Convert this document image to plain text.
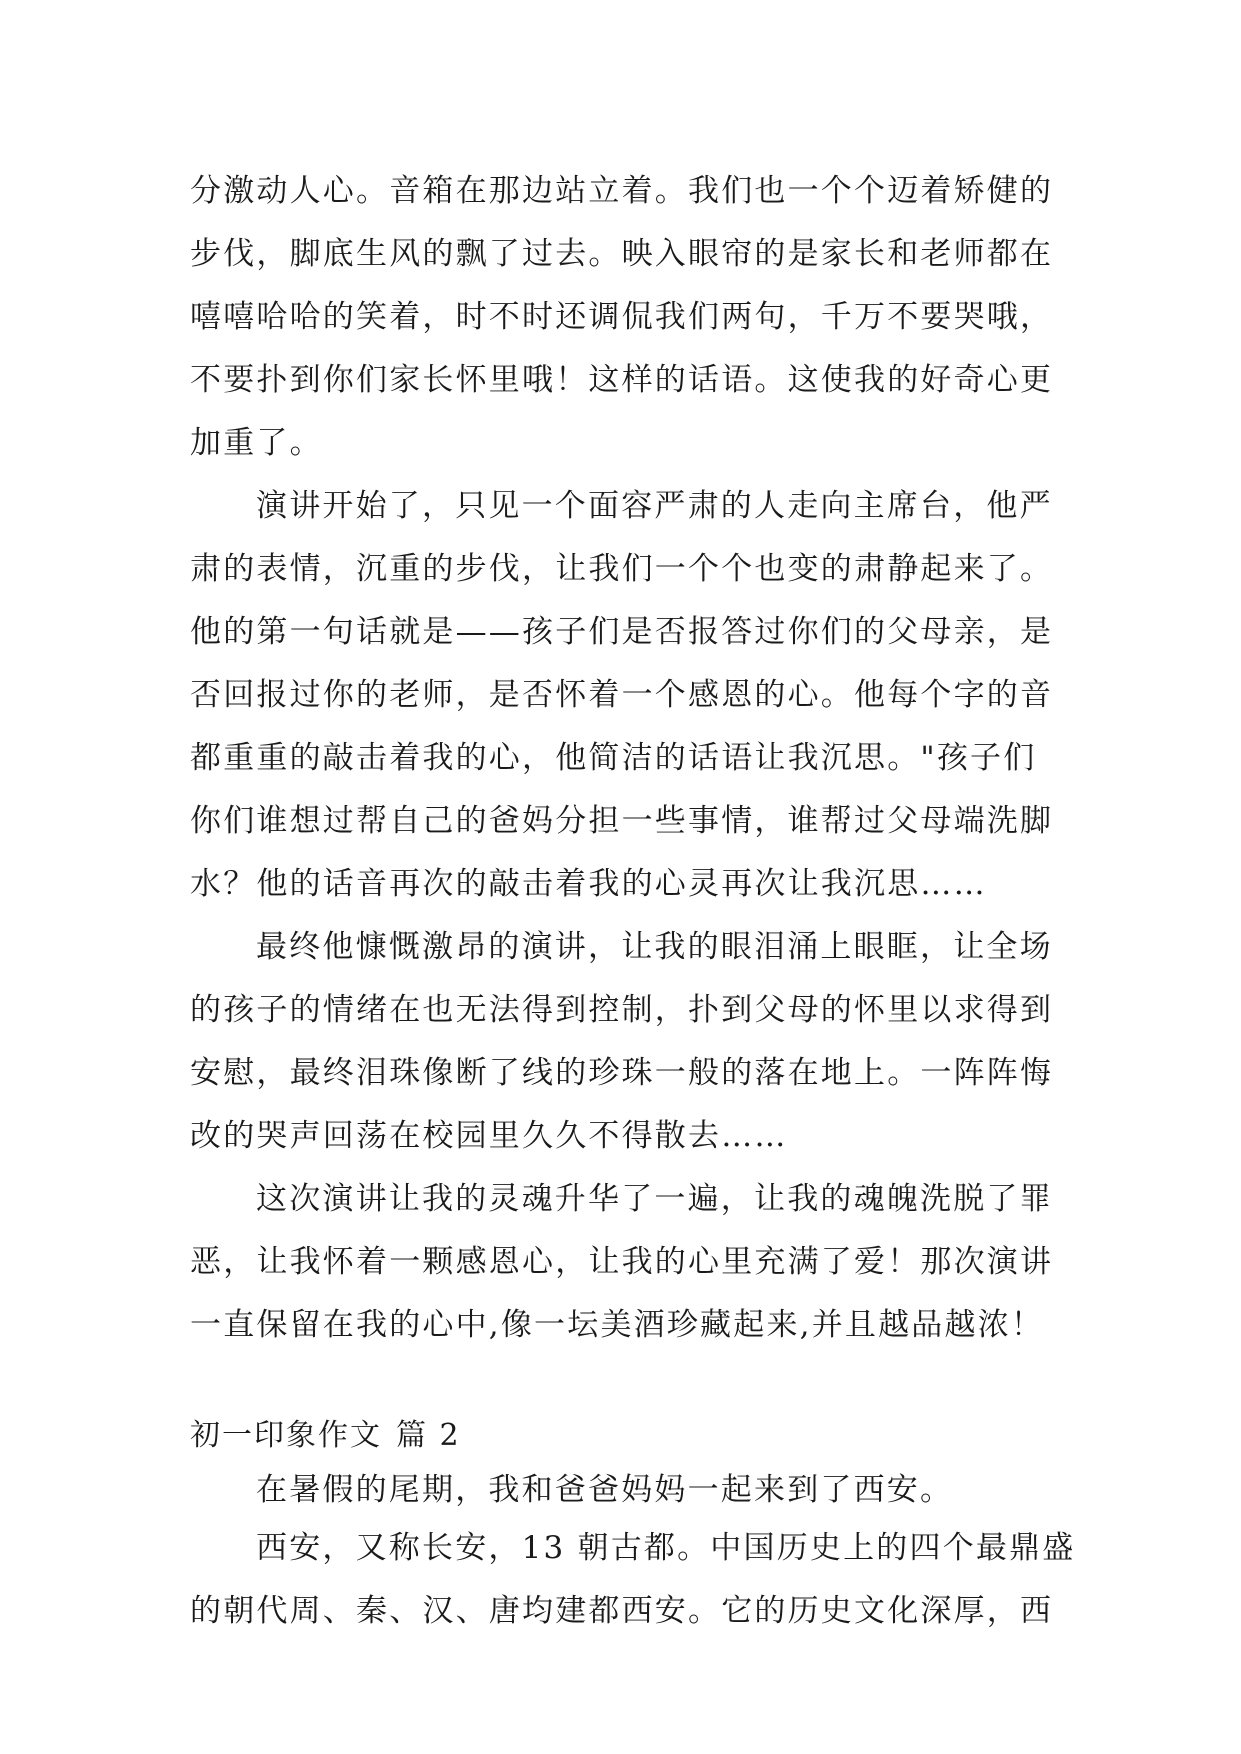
分激动人心。音箱在那边站立着。我们也一个个迈着矫健的
步伐，脚底生风的飘了过去。映入眼帘的是家长和老师都在
嘻嘻哈哈的笑着，时不时还调侃我们两句，千万不要哭哦，
不要扑到你们家长怀里哦！这样的话语。这使我的好奇心更
加重了。
演讲开始了，只见一个面容严肃的人走向主席台，他严
肃的表情，沉重的步伐，让我们一个个也变的肃静起来了。
他的第一句话就是——孩子们是否报答过你们的父母亲，是
否回报过你的老师，是否怀着一个感恩的心。他每个字的音
都重重的敲击着我的心，他简洁的话语让我沉思。"孩子们
你们谁想过帮自己的爸妈分担一些事情，谁帮过父母端洗脚
水？他的话音再次的敲击着我的心灵再次让我沉思……
最终他慷慨激昂的演讲，让我的眼泪涌上眼眶，让全场
的孩子的情绪在也无法得到控制，扑到父母的怀里以求得到
安慰，最终泪珠像断了线的珍珠一般的落在地上。一阵阵悔
改的哭声回荡在校园里久久不得散去……
这次演讲让我的灵魂升华了一遍，让我的魂魄洗脱了罪
恶，让我怀着一颗感恩心，让我的心里充满了爱！那次演讲
一直保留在我的心中,像一坛美酒珍藏起来,并且越品越浓！
初一印象作文 篇 2
在暑假的尾期，我和爸爸妈妈一起来到了西安。
西安，又称长安，13 朝古都。中国历史上的四个最鼎盛
的朝代周、秦、汉、唐均建都西安。它的历史文化深厚，西
